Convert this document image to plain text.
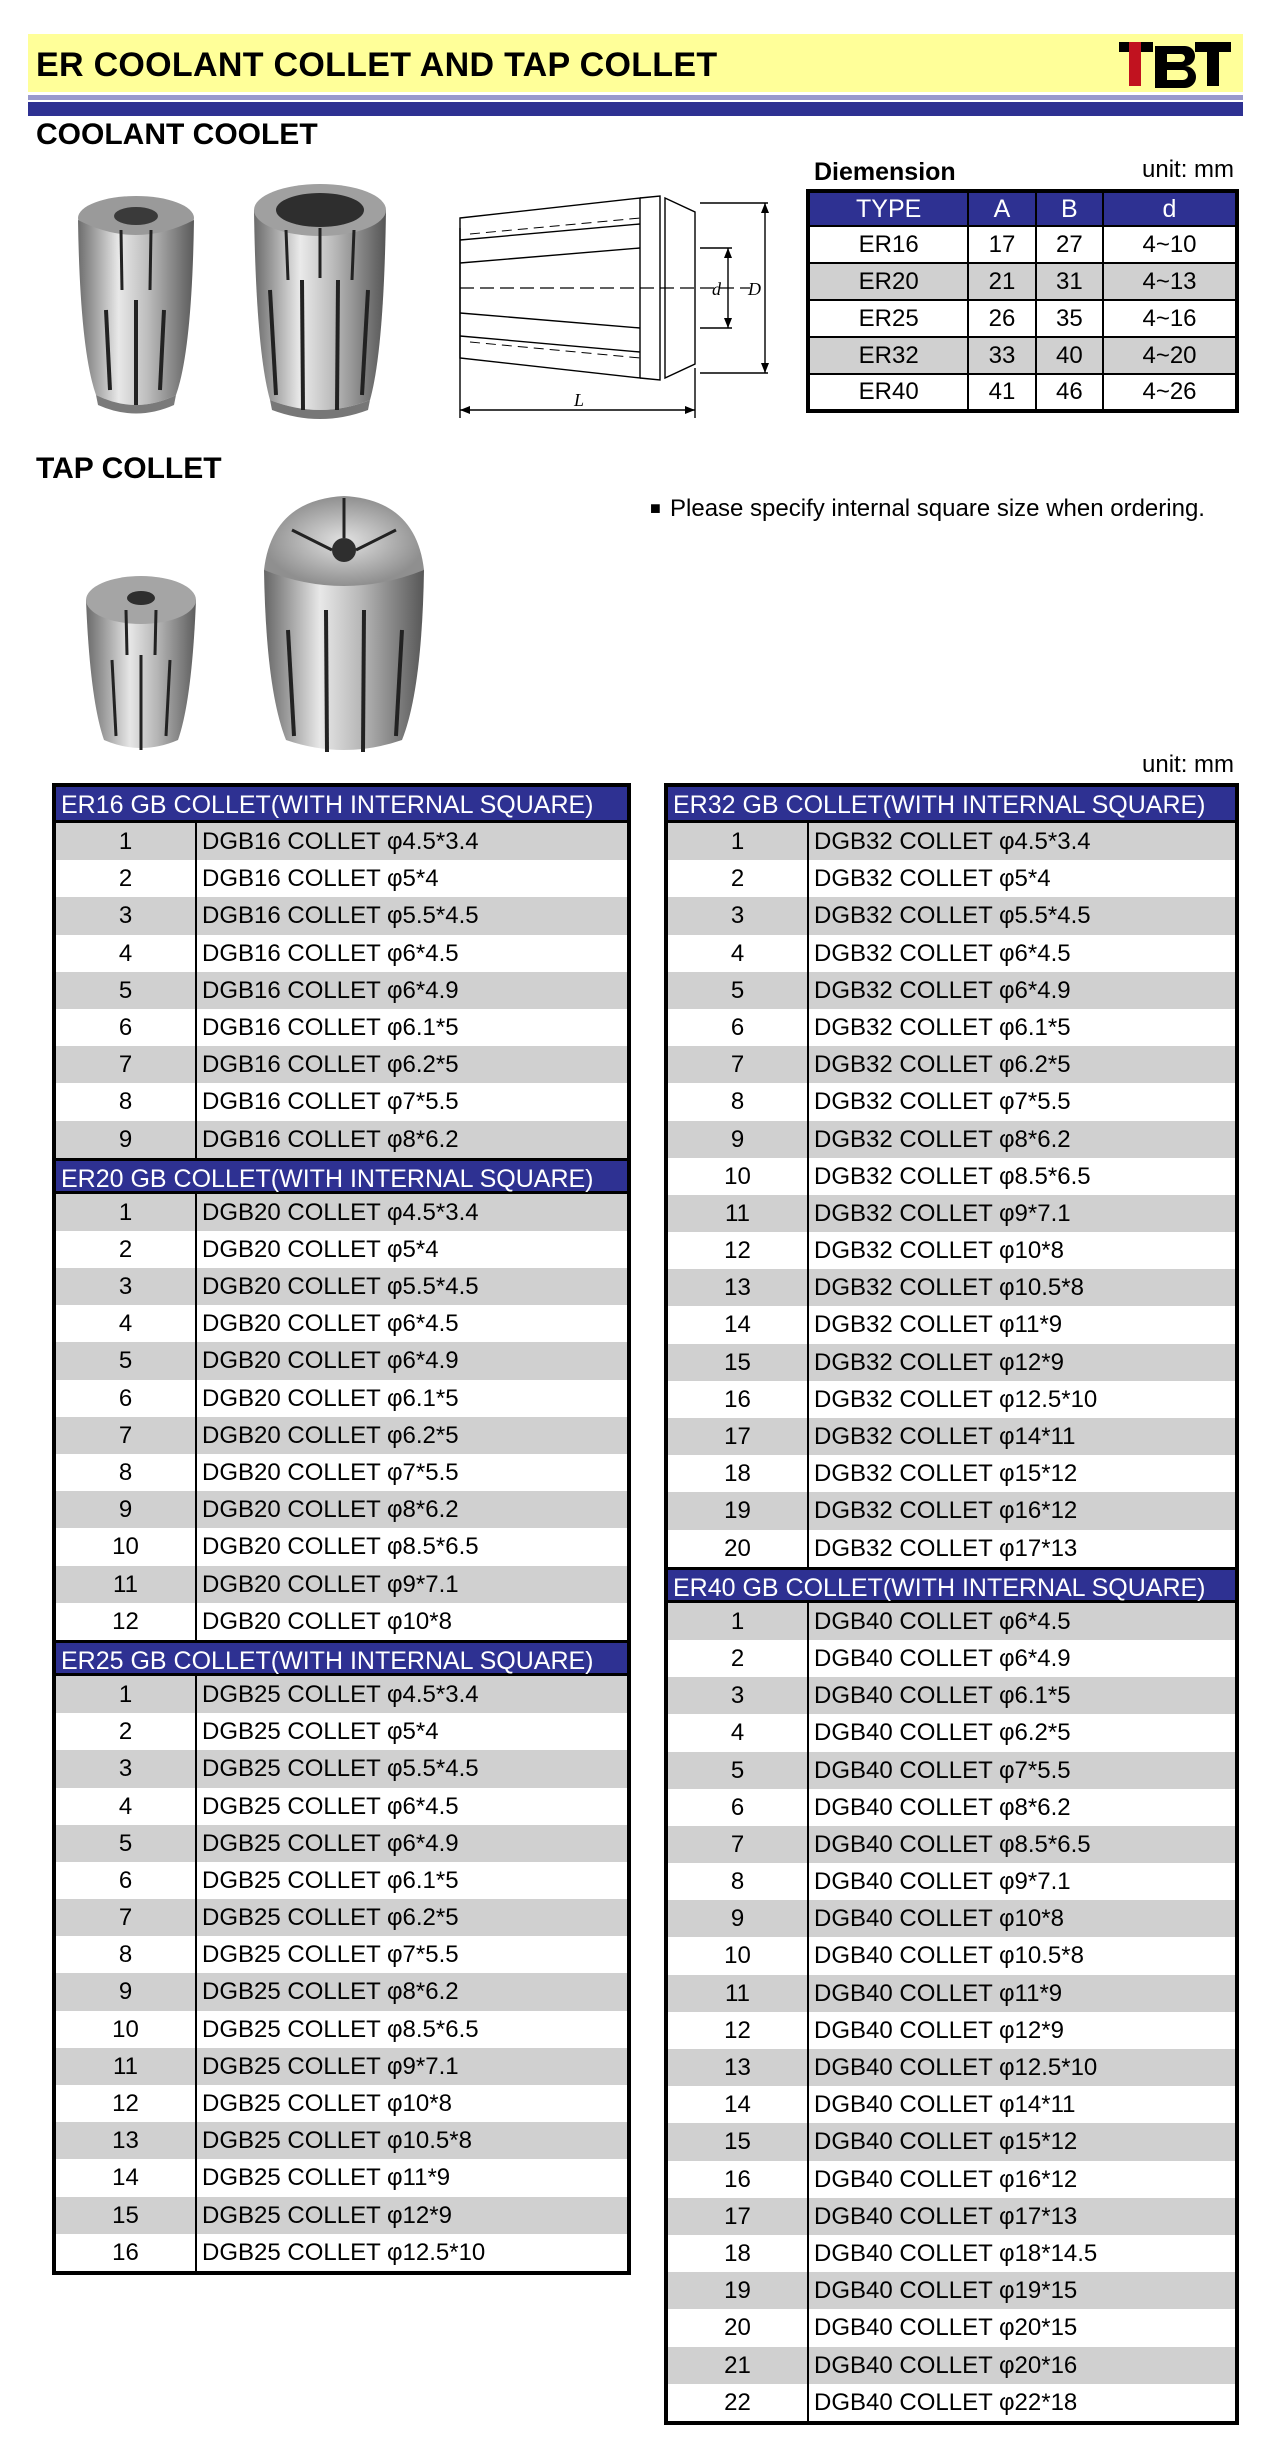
ER COOLANT COLLET AND TAP COLLET
COOLANT COOLET
d D
L
Diemension	unit: mm
TYPE	A	B	d
ER16	17	27	4~10
ER20	21	31	4~13
ER25	26	35	4~16
ER32	33	40	4~20
ER40	41	46	4~26
TAP COLLET
■ Please specify internal square size when ordering.
unit: mm
ER16 GB COLLET(WITH INTERNAL SQUARE)
1	DGB16 COLLET φ4.5*3.4
2	DGB16 COLLET φ5*4
3	DGB16 COLLET φ5.5*4.5
4	DGB16 COLLET φ6*4.5
5	DGB16 COLLET φ6*4.9
6	DGB16 COLLET φ6.1*5
7	DGB16 COLLET φ6.2*5
8	DGB16 COLLET φ7*5.5
9	DGB16 COLLET φ8*6.2
ER20 GB COLLET(WITH INTERNAL SQUARE)
1	DGB20 COLLET φ4.5*3.4
2	DGB20 COLLET φ5*4
3	DGB20 COLLET φ5.5*4.5
4	DGB20 COLLET φ6*4.5
5	DGB20 COLLET φ6*4.9
6	DGB20 COLLET φ6.1*5
7	DGB20 COLLET φ6.2*5
8	DGB20 COLLET φ7*5.5
9	DGB20 COLLET φ8*6.2
10	DGB20 COLLET φ8.5*6.5
11	DGB20 COLLET φ9*7.1
12	DGB20 COLLET φ10*8
ER25 GB COLLET(WITH INTERNAL SQUARE)
1	DGB25 COLLET φ4.5*3.4
2	DGB25 COLLET φ5*4
3	DGB25 COLLET φ5.5*4.5
4	DGB25 COLLET φ6*4.5
5	DGB25 COLLET φ6*4.9
6	DGB25 COLLET φ6.1*5
7	DGB25 COLLET φ6.2*5
8	DGB25 COLLET φ7*5.5
9	DGB25 COLLET φ8*6.2
10	DGB25 COLLET φ8.5*6.5
11	DGB25 COLLET φ9*7.1
12	DGB25 COLLET φ10*8
13	DGB25 COLLET φ10.5*8
14	DGB25 COLLET φ11*9
15	DGB25 COLLET φ12*9
16	DGB25 COLLET φ12.5*10
ER32 GB COLLET(WITH INTERNAL SQUARE)
1	DGB32 COLLET φ4.5*3.4
2	DGB32 COLLET φ5*4
3	DGB32 COLLET φ5.5*4.5
4	DGB32 COLLET φ6*4.5
5	DGB32 COLLET φ6*4.9
6	DGB32 COLLET φ6.1*5
7	DGB32 COLLET φ6.2*5
8	DGB32 COLLET φ7*5.5
9	DGB32 COLLET φ8*6.2
10	DGB32 COLLET φ8.5*6.5
11	DGB32 COLLET φ9*7.1
12	DGB32 COLLET φ10*8
13	DGB32 COLLET φ10.5*8
14	DGB32 COLLET φ11*9
15	DGB32 COLLET φ12*9
16	DGB32 COLLET φ12.5*10
17	DGB32 COLLET φ14*11
18	DGB32 COLLET φ15*12
19	DGB32 COLLET φ16*12
20	DGB32 COLLET φ17*13
ER40 GB COLLET(WITH INTERNAL SQUARE)
1	DGB40 COLLET φ6*4.5
2	DGB40 COLLET φ6*4.9
3	DGB40 COLLET φ6.1*5
4	DGB40 COLLET φ6.2*5
5	DGB40 COLLET φ7*5.5
6	DGB40 COLLET φ8*6.2
7	DGB40 COLLET φ8.5*6.5
8	DGB40 COLLET φ9*7.1
9	DGB40 COLLET φ10*8
10	DGB40 COLLET φ10.5*8
11	DGB40 COLLET φ11*9
12	DGB40 COLLET φ12*9
13	DGB40 COLLET φ12.5*10
14	DGB40 COLLET φ14*11
15	DGB40 COLLET φ15*12
16	DGB40 COLLET φ16*12
17	DGB40 COLLET φ17*13
18	DGB40 COLLET φ18*14.5
19	DGB40 COLLET φ19*15
20	DGB40 COLLET φ20*15
21	DGB40 COLLET φ20*16
22	DGB40 COLLET φ22*18
